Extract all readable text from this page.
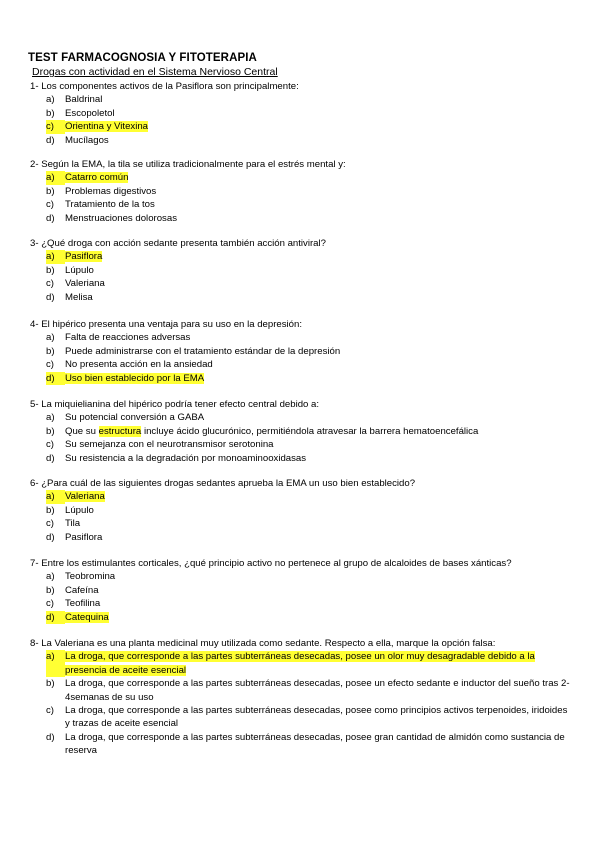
TEST FARMACOGNOSIA Y FITOTERAPIA
Drogas con actividad en el Sistema Nervioso Central
1- Los componentes activos de la Pasiflora son principalmente:
a)	Baldrinal
b)	Escopoletol
c)	Orientina y Vitexina
d)	Mucílagos
2- Según la EMA, la tila se utiliza tradicionalmente para el estrés mental y:
a)	Catarro común
b)	Problemas digestivos
c)	Tratamiento de la tos
d)	Menstruaciones dolorosas
3- ¿Qué droga con acción sedante presenta también acción antiviral?
a)	Pasiflora
b)	Lúpulo
c)	Valeriana
d)	Melisa
4- El hipérico presenta una ventaja para su uso en la depresión:
a)	Falta de reacciones adversas
b)	Puede administrarse con el tratamiento estándar de la depresión
c)	No presenta acción en la ansiedad
d)	Uso bien establecido por la EMA
5- La miquielianina del hipérico podría tener efecto central debido a:
a)	Su potencial conversión a GABA
b)	Que su estructura incluye ácido glucurónico, permitiéndola atravesar la barrera hematoencefálica
c)	Su semejanza con el neurotransmisor serotonina
d)	Su resistencia a la degradación por monoaminooxidasas
6- ¿Para cuál de las siguientes drogas sedantes aprueba la EMA un uso bien establecido?
a)	Valeriana
b)	Lúpulo
c)	Tila
d)	Pasiflora
7- Entre los estimulantes corticales, ¿qué principio activo no pertenece al grupo de alcaloides de bases xánticas?
a)	Teobromina
b)	Cafeína
c)	Teofilina
d)	Catequina
8- La Valeriana es una planta medicinal muy utilizada como sedante. Respecto a ella, marque la opción falsa:
a)	La droga, que corresponde a las partes subterráneas desecadas, posee un olor muy desagradable debido a la presencia de aceite esencial
b)	La droga, que corresponde a las partes subterráneas desecadas, posee un efecto sedante e inductor del sueño tras 2-4semanas de su uso
c)	La droga, que corresponde a las partes subterráneas desecadas, posee como principios activos terpenoides, iridoides y trazas de aceite esencial
d)	La droga, que corresponde a las partes subterráneas desecadas, posee gran cantidad de almidón como sustancia de reserva
